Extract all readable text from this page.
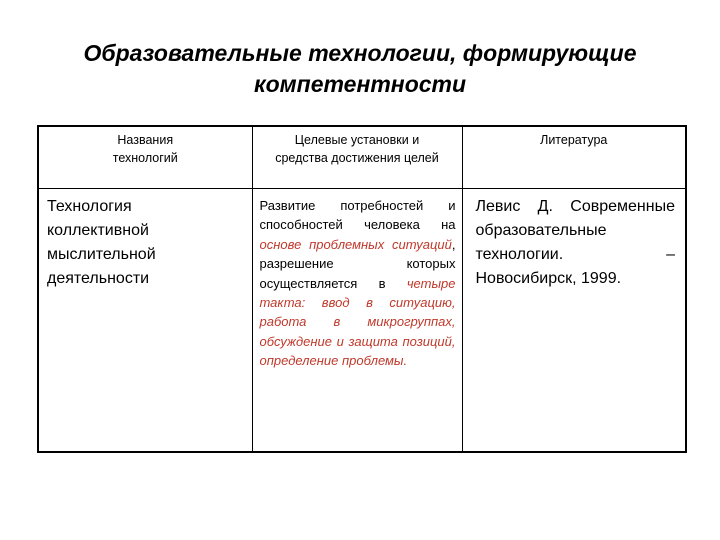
Образовательные технологии, формирующие компетентности
Названия технологий	Целевые установки и средства достижения целей	Литература

Технология коллективной мыслительной деятельности	Развитие потребностей и способностей человека на основе проблемных ситуаций, разрешение которых осуществляется в четыре такта: ввод в ситуацию, работа в микрогруппах, обсуждение и защита позиций, определение проблемы.	Левис Д. Современные образовательные технологии. – Новосибирск, 1999.
